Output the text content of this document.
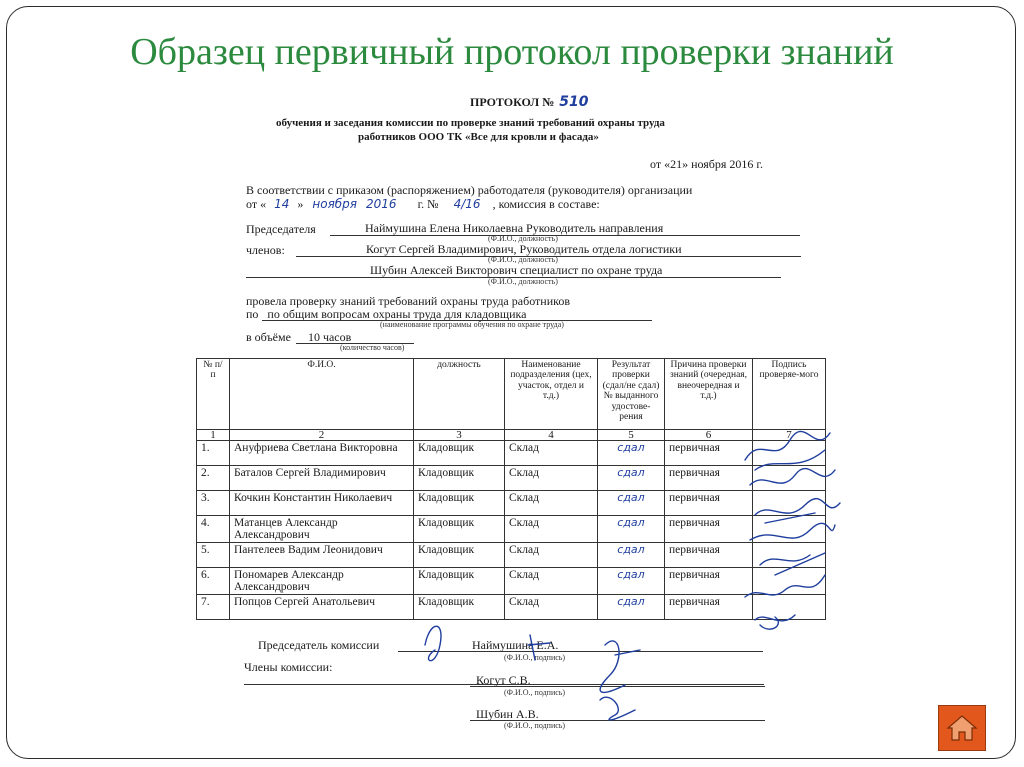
Образец первичный протокол проверки знаний
ПРОТОКОЛ № 510
обучения и заседания комиссии по проверке знаний требований охраны труда
работников ООО ТК «Все для кровли и фасада»
от «21» ноября 2016 г.
В соответствии с приказом (распоряжением) работодателя (руководителя) организации
от « 14 » ноября 2016 г. № 4/16 , комиссия в составе:
Председателя	Наймушина Елена Николаевна Руководитель направления
(Ф.И.О., должность)
членов:	Когут Сергей Владимирович, Руководитель отдела логистики
(Ф.И.О., должность)
Шубин Алексей Викторович специалист по охране труда
(Ф.И.О., должность)
провела проверку знаний требований охраны труда работников
по по общим вопросам охраны труда для кладовщика
(наименование программы обучения по охране труда)
в объёме 10 часов
(количество часов)
№ п/п	Ф.И.О.	должность	Наименование подразделения (цех, участок, отдел и т.д.)	Результат проверки (сдал/не сдал) № выданного удостове-рения	Причина проверки знаний (очередная, внеочередная и т.д.)	Подпись проверяе-мого
1	2	3	4	5	6	7
1.	Ануфриева Светлана Викторовна	Кладовщик	Склад	сдал	первичная	
2.	Баталов Сергей Владимирович	Кладовщик	Склад	сдал	первичная	
3.	Кочкин Константин Николаевич	Кладовщик	Склад	сдал	первичная	
4.	Матанцев Александр Александрович	Кладовщик	Склад	сдал	первичная	
5.	Пантелеев Вадим Леонидович	Кладовщик	Склад	сдал	первичная	
6.	Пономарев Александр Александрович	Кладовщик	Склад	сдал	первичная	
7.	Попцов Сергей Анатольевич	Кладовщик	Склад	сдал	первичная	
Председатель комиссии	Наймушина Е.А.
(Ф.И.О., подпись)
Члены комиссии:
Когут С.В.
(Ф.И.О., подпись)
Шубин А.В.
(Ф.И.О., подпись)
